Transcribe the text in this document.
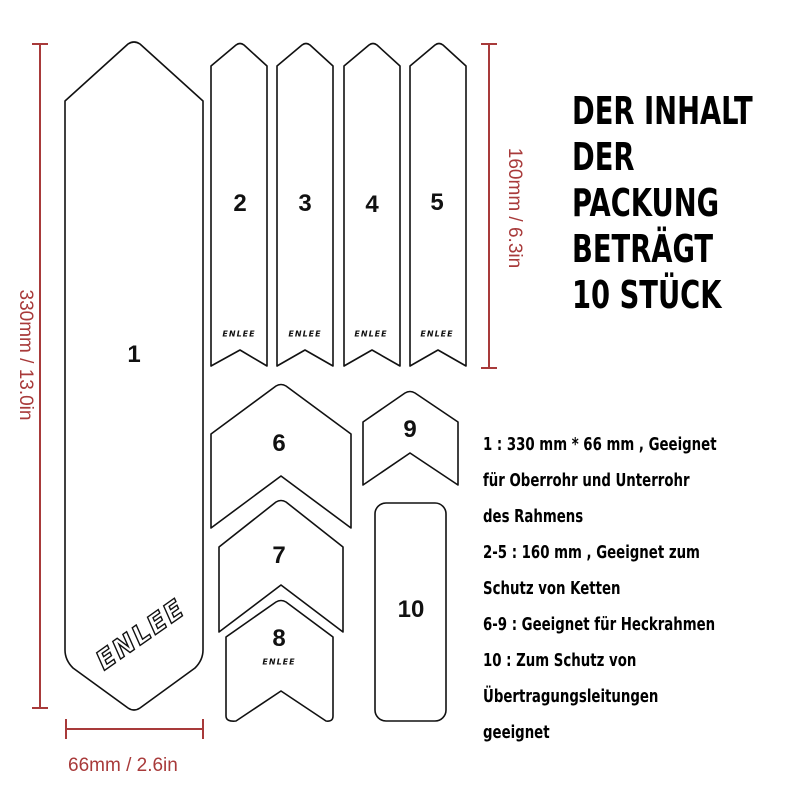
330mm / 13.0in
160mm / 6.3in
66mm / 2.6in
1
2 3 4 5
6
7
8
9
10
ENLEE
ENLEE	ENLEE	ENLEE	ENLEE
ENLEE
DER INHALT
DER
PACKUNG
BETRÄGT
10 STÜCK
1 : 330 mm * 66 mm , Geeignet
für Oberrohr und Unterrohr
des Rahmens
2-5 : 160 mm , Geeignet zum
Schutz von Ketten
6-9 : Geeignet für Heckrahmen
10 : Zum Schutz von
Übertragungsleitungen
geeignet
